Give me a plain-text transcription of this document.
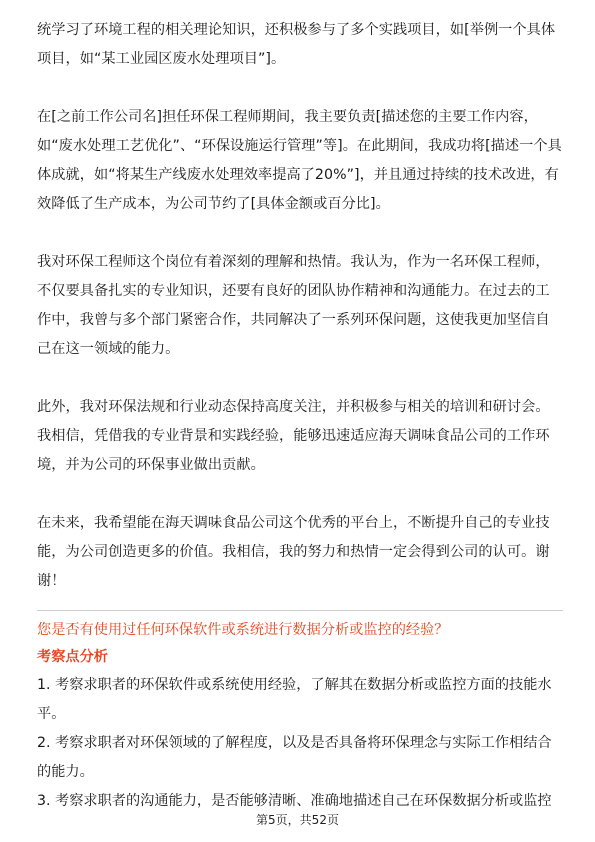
统学习了环境工程的相关理论知识，还积极参与了多个实践项目，如[举例一个具体

项目，如“某工业园区废水处理项目”]。

在[之前工作公司名]担任环保工程师期间，我主要负责[描述您的主要工作内容，

如“废水处理工艺优化”、“环保设施运行管理”等]。在此期间，我成功将[描述一个具

体成就，如“将某生产线废水处理效率提高了20%”]，并且通过持续的技术改进，有

效降低了生产成本，为公司节约了[具体金额或百分比]。

我对环保工程师这个岗位有着深刻的理解和热情。我认为，作为一名环保工程师，

不仅要具备扎实的专业知识，还要有良好的团队协作精神和沟通能力。在过去的工

作中，我曾与多个部门紧密合作，共同解决了一系列环保问题，这使我更加坚信自

己在这一领域的能力。

此外，我对环保法规和行业动态保持高度关注，并积极参与相关的培训和研讨会。

我相信，凭借我的专业背景和实践经验，能够迅速适应海天调味食品公司的工作环

境，并为公司的环保事业做出贡献。

在未来，我希望能在海天调味食品公司这个优秀的平台上，不断提升自己的专业技

能，为公司创造更多的价值。我相信，我的努力和热情一定会得到公司的认可。谢

谢！

您是否有使用过任何环保软件或系统进行数据分析或监控的经验？

考察点分析

1. 考察求职者的环保软件或系统使用经验，了解其在数据分析或监控方面的技能水

平。

2. 考察求职者对环保领域的了解程度，以及是否具备将环保理念与实际工作相结合

的能力。

3. 考察求职者的沟通能力，是否能够清晰、准确地描述自己在环保数据分析或监控

第5页，共52页
